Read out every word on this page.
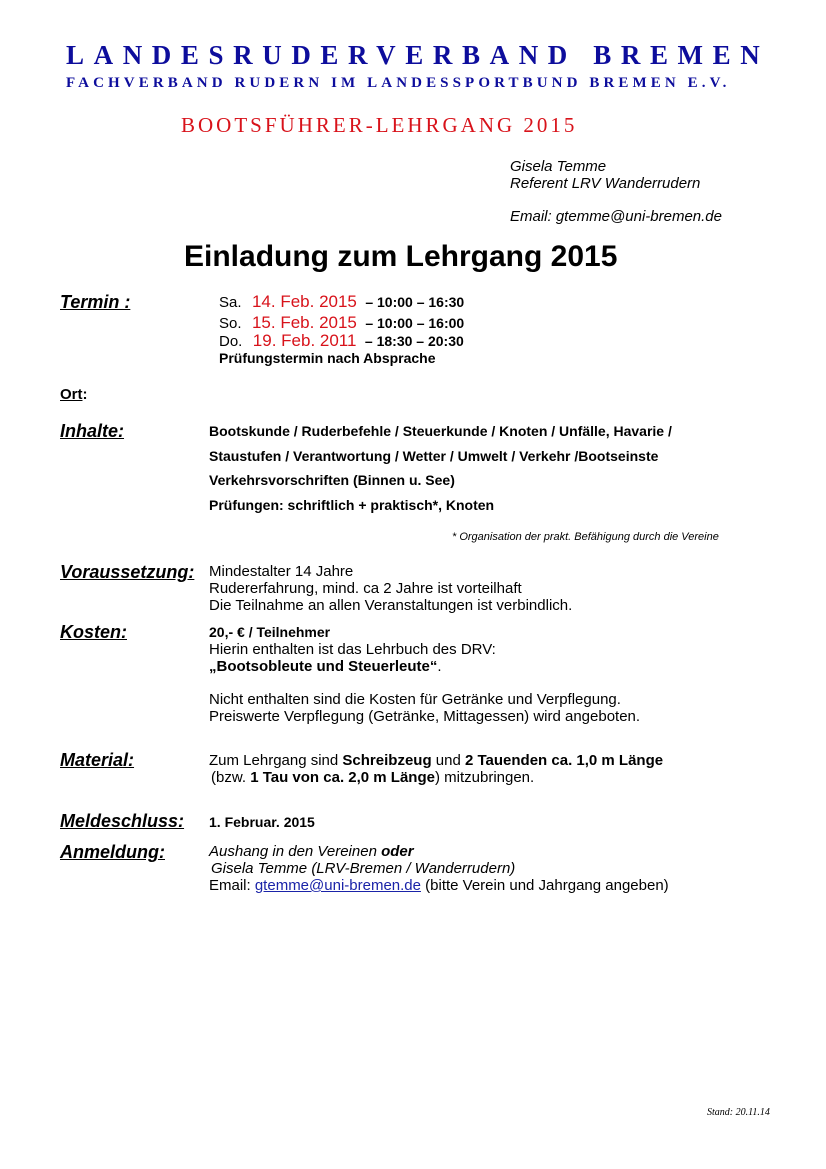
LANDESRUDERVERBAND BREMEN
FACHVERBAND RUDERN IM LANDESSPORTBUND BREMEN E.V.
BOOTSFÜHRER-LEHRGANG 2015
Gisela Temme
Referent LRV Wanderrudern
Email: gtemme@uni-bremen.de
Einladung zum Lehrgang 2015
Termin :	Sa. 14. Feb. 2015 – 10:00 – 16:30
So. 15. Feb. 2015 – 10:00 – 16:00
Do. 19. Feb. 2011 – 18:30 – 20:30
Prüfungstermin nach Absprache
Ort:
Inhalte:	Bootskunde / Ruderbefehle / Steuerkunde / Knoten / Unfälle, Havarie /
Staustufen / Verantwortung / Wetter / Umwelt / Verkehr /Bootseinste
Verkehrsvorschriften (Binnen u. See)
Prüfungen: schriftlich + praktisch*, Knoten
* Organisation der prakt. Befähigung durch die Vereine
Voraussetzung: Mindestalter 14 Jahre
Rudererfahrung, mind. ca 2 Jahre ist vorteilhaft
Die Teilnahme an allen Veranstaltungen ist verbindlich.
Kosten:	20,- € / Teilnehmer
Hierin enthalten ist das Lehrbuch des DRV:
„Bootsobleute und Steuerleute“.
Nicht enthalten sind die Kosten für Getränke und Verpflegung.
Preiswerte Verpflegung (Getränke, Mittagessen) wird angeboten.
Material:	Zum Lehrgang sind Schreibzeug und 2 Tauenden ca. 1,0 m Länge
(bzw. 1 Tau von ca. 2,0 m Länge) mitzubringen.
Meldeschluss: 1. Februar. 2015
Anmeldung:	Aushang in den Vereinen oder
Gisela Temme (LRV-Bremen / Wanderrudern)
Email: gtemme@uni-bremen.de (bitte Verein und Jahrgang angeben)
Stand: 20.11.14
